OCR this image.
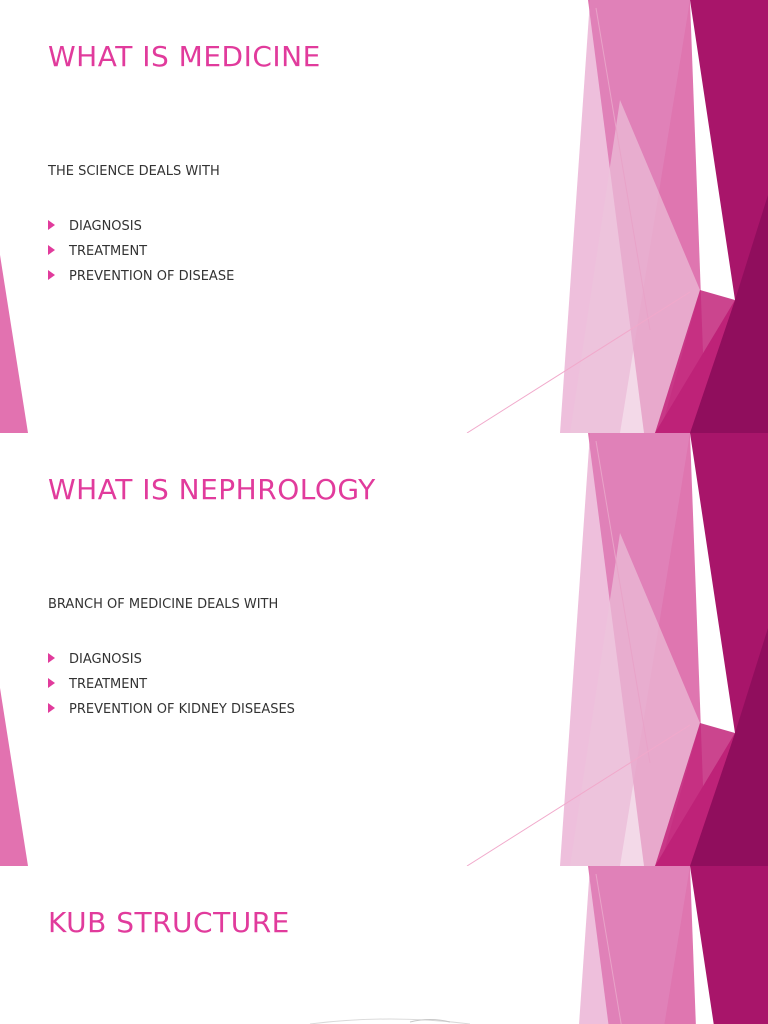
WHAT IS MEDICINE
THE SCIENCE DEALS WITH
DIAGNOSIS
TREATMENT
PREVENTION OF DISEASE
WHAT IS NEPHROLOGY
BRANCH OF MEDICINE DEALS WITH
DIAGNOSIS
TREATMENT
PREVENTION OF KIDNEY DISEASES
KUB STRUCTURE
